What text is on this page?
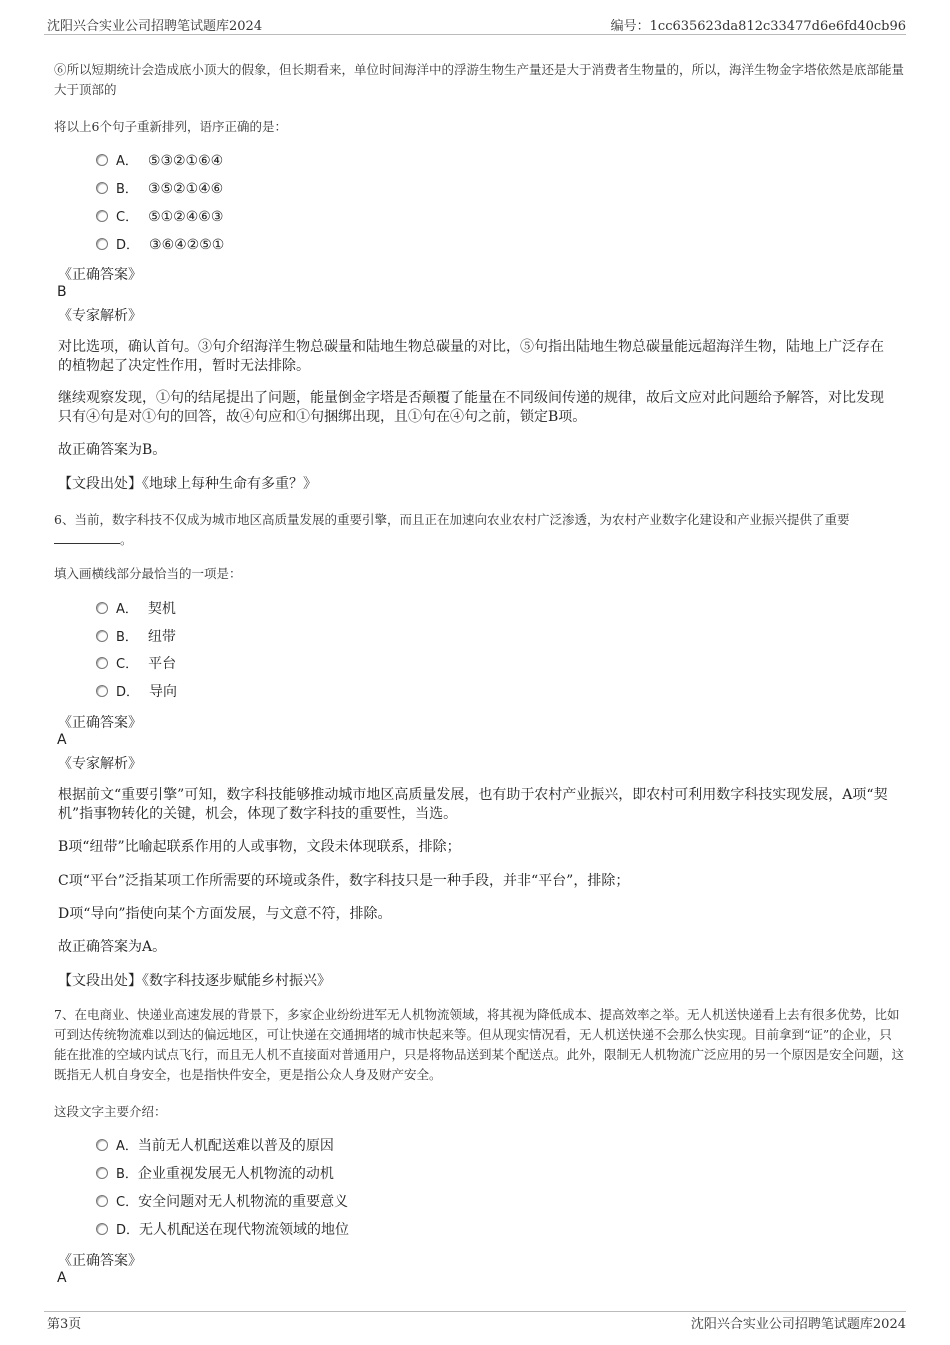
沈阳兴合实业公司招聘笔试题库2024	编号：1cc635623da812c33477d6e6fd40cb96
⑥所以短期统计会造成底小顶大的假象，但长期看来，单位时间海洋中的浮游生物生产量还是大于消费者生物量的，所以，海洋生物金字塔依然是底部能量大于顶部的
将以上6个句子重新排列，语序正确的是：
A． ⑤③②①⑥④
B． ③⑤②①④⑥
C． ⑤①②④⑥③
D． ③⑥④②⑤①
《正确答案》
B
《专家解析》
对比选项，确认首句。③句介绍海洋生物总碳量和陆地生物总碳量的对比，⑤句指出陆地生物总碳量能远超海洋生物，陆地上广泛存在的植物起了决定性作用，暂时无法排除。
继续观察发现，①句的结尾提出了问题，能量倒金字塔是否颠覆了能量在不同级间传递的规律，故后文应对此问题给予解答，对比发现只有④句是对①句的回答，故④句应和①句捆绑出现，且①句在④句之前，锁定B项。
故正确答案为B。
【文段出处】《地球上每种生命有多重？》
6、当前，数字科技不仅成为城市地区高质量发展的重要引擎，而且正在加速向农业农村广泛渗透，为农村产业数字化建设和产业振兴提供了重要。
填入画横线部分最恰当的一项是：
A． 契机
B． 纽带
C． 平台
D． 导向
《正确答案》
A
《专家解析》
根据前文“重要引擎”可知，数字科技能够推动城市地区高质量发展，也有助于农村产业振兴，即农村可利用数字科技实现发展，A项“契机”指事物转化的关键，机会，体现了数字科技的重要性，当选。
B项“纽带”比喻起联系作用的人或事物，文段未体现联系，排除；
C项“平台”泛指某项工作所需要的环境或条件，数字科技只是一种手段，并非“平台”，排除；
D项“导向”指使向某个方面发展，与文意不符，排除。
故正确答案为A。
【文段出处】《数字科技逐步赋能乡村振兴》
7、在电商业、快递业高速发展的背景下，多家企业纷纷进军无人机物流领域，将其视为降低成本、提高效率之举。无人机送快递看上去有很多优势，比如可到达传统物流难以到达的偏远地区，可让快递在交通拥堵的城市快起来等。但从现实情况看，无人机送快递不会那么快实现。目前拿到“证”的企业，只能在批准的空域内试点飞行，而且无人机不直接面对普通用户，只是将物品送到某个配送点。此外，限制无人机物流广泛应用的另一个原因是安全问题，这既指无人机自身安全，也是指快件安全，更是指公众人身及财产安全。
这段文字主要介绍：
A．当前无人机配送难以普及的原因
B．企业重视发展无人机物流的动机
C．安全问题对无人机物流的重要意义
D．无人机配送在现代物流领域的地位
《正确答案》
A
第3页	沈阳兴合实业公司招聘笔试题库2024
